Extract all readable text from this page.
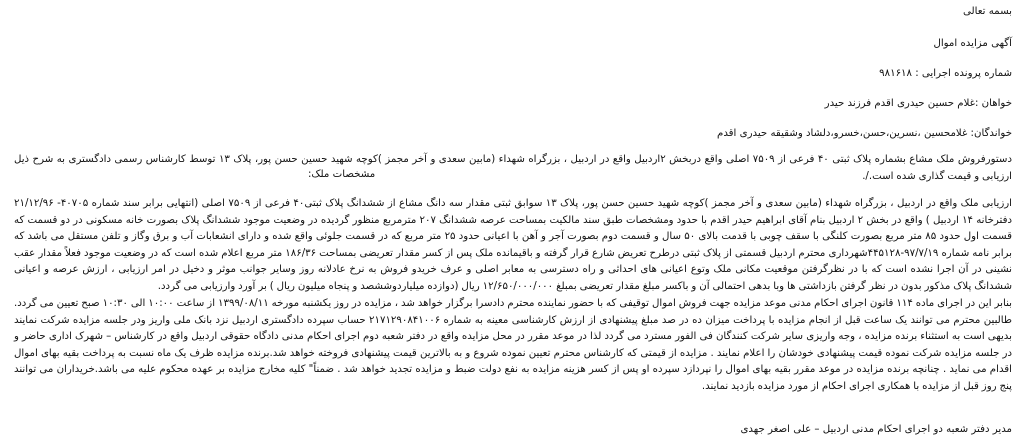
بسمه تعالی
آگهی مزایده اموال
شماره پرونده اجرایی : ۹۸۱۶۱۸
خواهان :غلام حسین حیدری اقدم فرزند حیدر
خواندگان: غلامحسین ،نسرین،حسن،خسرو،دلشاد وشقیقه حیدری اقدم
دستورفروش ملک مشاع بشماره پلاک ثبتی ۴۰ فرعی از ۷۵۰۹ اصلی واقع دربخش ۲اردبیل واقع در اردبیل ، بزرگراه شهداء (مابین سعدی و آخر مجمز )کوچه شهید حسین حسن پور، پلاک ۱۳ توسط کارشناس رسمی دادگستری به شرح ذیل ارزیابی و قیمت گذاری شده است./.
مشخصات ملک:
ارزیابی ملک واقع در اردبیل ، بزرگراه شهداء (مابین سعدی و آخر مجمز )کوچه شهید حسین حسن پور، پلاک ۱۳ سوابق ثبتی مقدار سه دانگ مشاع از ششدانگ پلاک ثبتی۴۰ فرعی از ۷۵۰۹ اصلی (انتهایی برابر سند شماره ۴۰۷۰۵- ۲۱/۱۲/۹۶ دفترخانه ۱۴ اردبیل ) واقع در بخش ۲ اردبیل بنام آقای ابراهیم حیدر اقدم با حدود ومشخصات طبق سند مالکیت بمساحت عرصه ششدانگ ۲۰۷ مترمربع منظور گردیده در وضعیت موجود ششدانگ پلاک بصورت خانه مسکونی در دو قسمت که قسمت اول حدود ۸۵ متر مربع بصورت کلنگی با سقف چوبی با قدمت بالای ۵۰ سال و قسمت دوم بصورت آجر و آهن با اعیانی حدود ۲۵ متر مربع که در قسمت جلوئی واقع شده و دارای انشعابات آب و برق وگاز و تلفن مستقل می باشد که برابر نامه شماره ۹۷/۷/۱۹-۴۴۵۱۲۸شهرداری محترم اردبیل قسمتی از پلاک ثبتی درطرح تعریض شارع قرار گرفته و باقیمانده ملک پس از کسر مقدار تعریضی بمساحت ۱۸۶/۳۶ متر مربع اعلام شده است که در وضعیت موجود فعلاً مقدار عقب نشینی در آن اجرا نشده است که با در نظرگرفتن موقعیت مکانی ملک وتوع اعیانی های احداثی و راه دسترسی به معابر اصلی و عرف خریدو فروش به نرخ عادلانه روز وسایر جوانب موثر و دخیل در امر ارزیابی ، ارزش عرصه و اعیانی ششدانگ پلاک مذکور بدون در نظر گرفتن بازداشتی ها وبا بدهی احتمالی آن و باکسر مبلغ مقدار تعریضی بمبلغ ۱۲/۶۵۰/۰۰۰/۰۰۰ ریال (دوازده میلیاردوششصد و پنجاه میلیون ریال ) بر آورد وارزیابی می گردد.
بنابر این در اجرای ماده ۱۱۴ قانون اجرای احکام مدنی موعد مزایده جهت فروش اموال توقیفی که با حضور نماینده محترم دادسرا برگزار خواهد شد ، مزایده در روز یکشنبه مورخه ۱۳۹۹/۰۸/۱۱ از ساعت ۱۰:۰۰ الی ۱۰:۳۰ صبح تعیین می گردد. طالبین محترم می توانند یک ساعت قبل از انجام مزایده با پرداخت میزان ده در صد مبلغ پیشنهادی از ارزش کارشناسی معینه به شماره ۲۱۷۱۲۹۰۸۴۱۰۰۶ حساب سپرده دادگستری اردبیل نزد بانک ملی واریز ودر جلسه مزایده شرکت نمایند بدیهی است به استثناء برنده مزایده ، وجه واریزی سایر شرکت کنندگان فی الفور مسترد می گردد لذا در موعد مقرر در محل مزایده واقع در دفتر شعبه دوم اجرای احکام مدنی دادگاه حقوقی اردبیل واقع در کارشناس – شهرک اداری حاضر و در جلسه مزایده شرکت نموده قیمت پیشنهادی خودشان را اعلام نمایند . مزایده از قیمتی که کارشناس محترم تعیین نموده شروع و به بالاترین قیمت پیشنهادی فروخته خواهد شد.برنده مزایده ظرف یک ماه نسبت به پرداخت بقیه بهای اموال اقدام می نماید . چنانچه برنده مزایده در موعد مقرر بقیه بهای اموال را نپردازد سپرده او پس از کسر هزینه مزایده به نفع دولت ضبط و مزایده تجدید خواهد شد . ضمناً" کلیه مخارج مزایده بر عهده محکوم علیه می باشد.خریداران می توانند پنج روز قبل از مزایده با همکاری اجرای احکام از مورد مزایده بازدید نمایند.
مدیر دفتر شعبه دو اجرای احکام مدنی اردبیل – علی اصغر جهدی
